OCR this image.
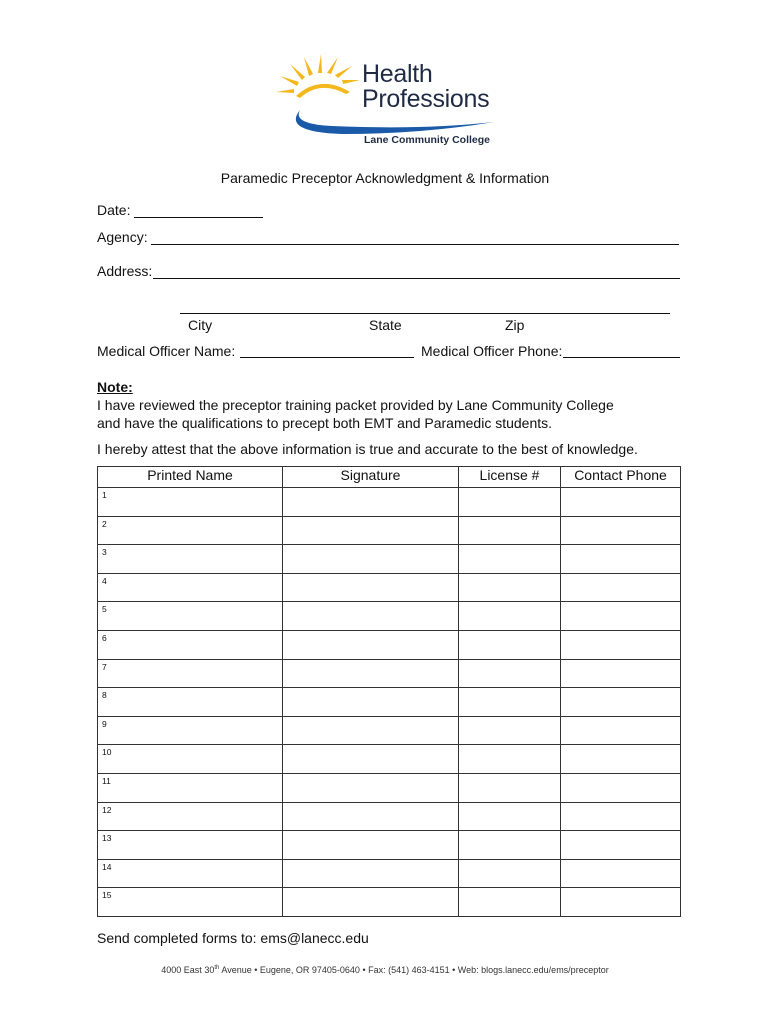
Health
Professions
Lane Community College
Paramedic Preceptor Acknowledgment & Information
Date:
Agency:
Address:
City	State	Zip
Medical Officer Name:	Medical Officer Phone:
Note:
I have reviewed the preceptor training packet provided by Lane Community College
and have the qualifications to precept both EMT and Paramedic students.
I hereby attest that the above information is true and accurate to the best of knowledge.
Printed Name	Signature	License #	Contact Phone

1			

2			

3			

4			

5			

6			

7			

8			

9			

10			

11			

12			

13			

14			

15			

Send completed forms to: ems@lanecc.edu
4000 East 30th Avenue • Eugene, OR 97405-0640 • Fax: (541) 463-4151 • Web: blogs.lanecc.edu/ems/preceptor
